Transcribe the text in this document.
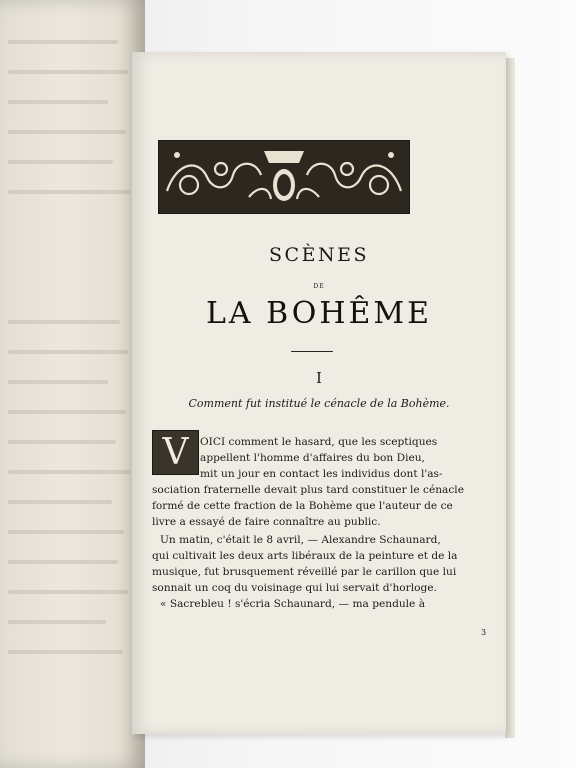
SCÈNES
DE
LA BOHÊME
I
Comment fut institué le cénacle de la Bohème.
V	OICI comment le hasard, que les sceptiques
appellent l'homme d'affaires du bon Dieu,
mit un jour en contact les individus dont l'as-
sociation fraternelle devait plus tard constituer le cénacle
formé de cette fraction de la Bohème que l'auteur de ce
livre a essayé de faire connaître au public.
Un matin, c'était le 8 avril, — Alexandre Schaunard,
qui cultivait les deux arts libéraux de la peinture et de la
musique, fut brusquement réveillé par le carillon que lui
sonnait un coq du voisinage qui lui servait d'horloge.
« Sacrebleu ! s'écria Schaunard, — ma pendule à
3
